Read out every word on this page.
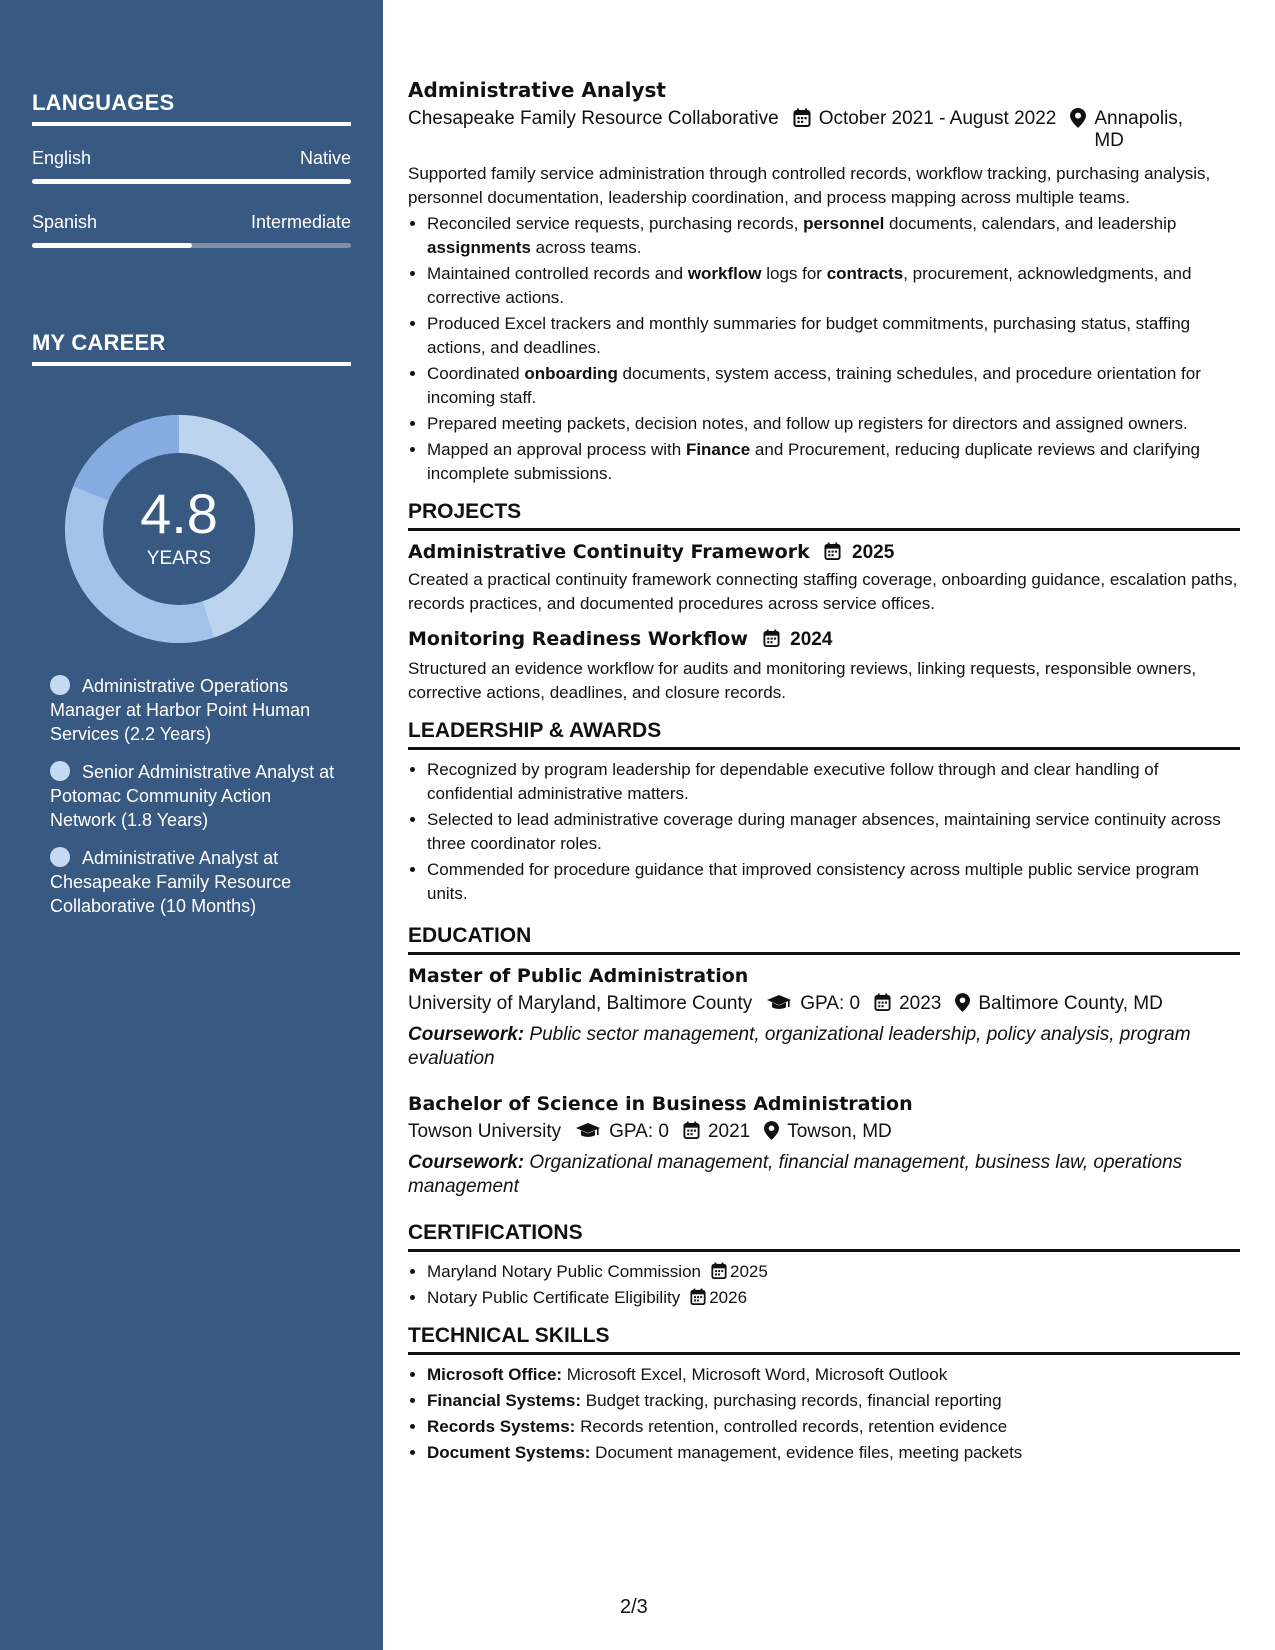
LANGUAGES
English	Native
Spanish	Intermediate
MY CAREER
4.8
YEARS
Administrative Operations Manager at Harbor Point Human Services (2.2 Years)
Senior Administrative Analyst at Potomac Community Action Network (1.8 Years)
Administrative Analyst at Chesapeake Family Resource Collaborative (10 Months)
Administrative Analyst
Chesapeake Family Resource Collaborative October 2021 - August 2022 Annapolis, MD
Supported family service administration through controlled records, workflow tracking, purchasing analysis, personnel documentation, leadership coordination, and process mapping across multiple teams.
• Reconciled service requests, purchasing records, personnel documents, calendars, and leadership assignments across teams.
• Maintained controlled records and workflow logs for contracts, procurement, acknowledgments, and corrective actions.
• Produced Excel trackers and monthly summaries for budget commitments, purchasing status, staffing actions, and deadlines.
• Coordinated onboarding documents, system access, training schedules, and procedure orientation for incoming staff.
• Prepared meeting packets, decision notes, and follow up registers for directors and assigned owners.
• Mapped an approval process with Finance and Procurement, reducing duplicate reviews and clarifying incomplete submissions.
PROJECTS
Administrative Continuity Framework 2025
Created a practical continuity framework connecting staffing coverage, onboarding guidance, escalation paths, records practices, and documented procedures across service offices.
Monitoring Readiness Workflow 2024
Structured an evidence workflow for audits and monitoring reviews, linking requests, responsible owners, corrective actions, deadlines, and closure records.
LEADERSHIP & AWARDS
• Recognized by program leadership for dependable executive follow through and clear handling of confidential administrative matters.
• Selected to lead administrative coverage during manager absences, maintaining service continuity across three coordinator roles.
• Commended for procedure guidance that improved consistency across multiple public service program units.
EDUCATION
Master of Public Administration
University of Maryland, Baltimore County	GPA: 0 2023 Baltimore County, MD
Coursework: Public sector management, organizational leadership, policy analysis, program evaluation
Bachelor of Science in Business Administration
Towson University	GPA: 0 2021 Towson, MD
Coursework: Organizational management, financial management, business law, operations management
CERTIFICATIONS
• Maryland Notary Public Commission 2025
• Notary Public Certificate Eligibility 2026
TECHNICAL SKILLS
• Microsoft Office: Microsoft Excel, Microsoft Word, Microsoft Outlook
• Financial Systems: Budget tracking, purchasing records, financial reporting
• Records Systems: Records retention, controlled records, retention evidence
• Document Systems: Document management, evidence files, meeting packets
2/3
